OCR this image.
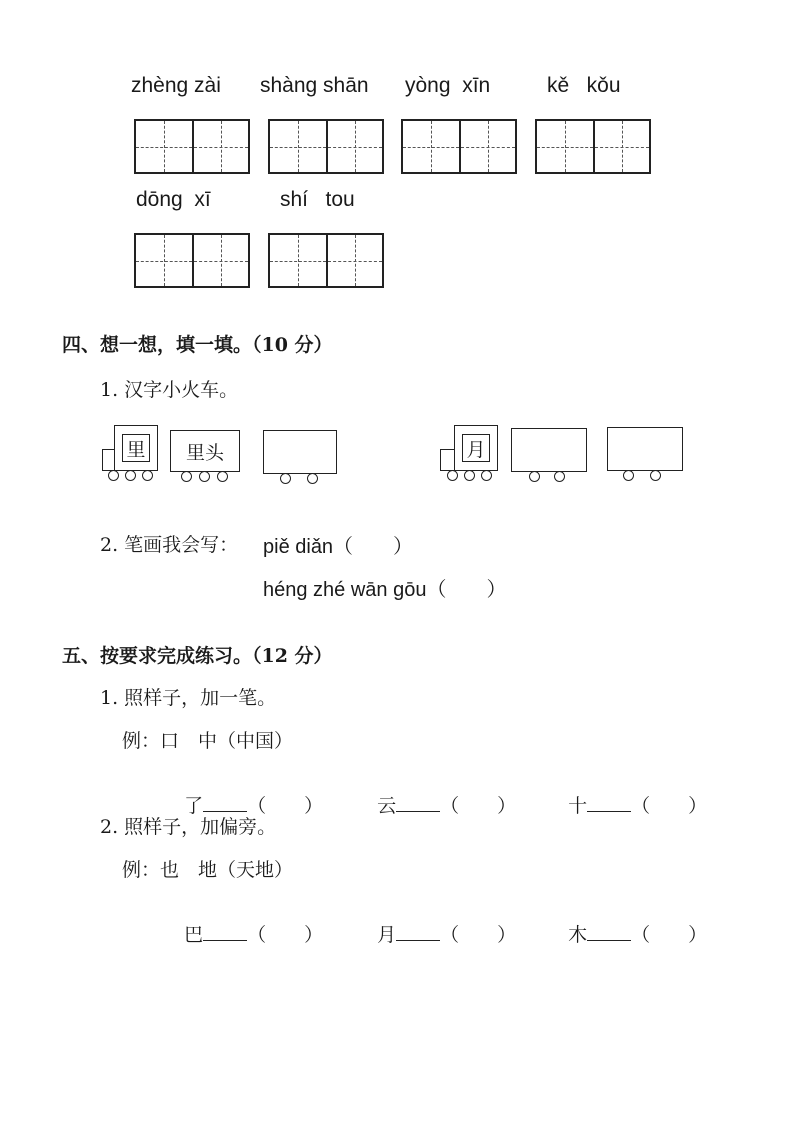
zhèng zài shàng shān yòng  xīn	kě   kǒu
dōng  xī	shí   tou
四、想一想，填一填。（10 分）
1. 汉字小火车。
里	里头	月
2. 笔画我会写： piě diǎn（　　）
héng zhé wān gōu（　　）
五、按要求完成练习。（12 分）
1. 照样子，加一笔。
例：口　中（中国）

了 （　　）	云 （　　）	十 （　　）

2. 照样子，加偏旁。
例：也　地（天地）

巴 （　　）	月 （　　）	木 （　　）
